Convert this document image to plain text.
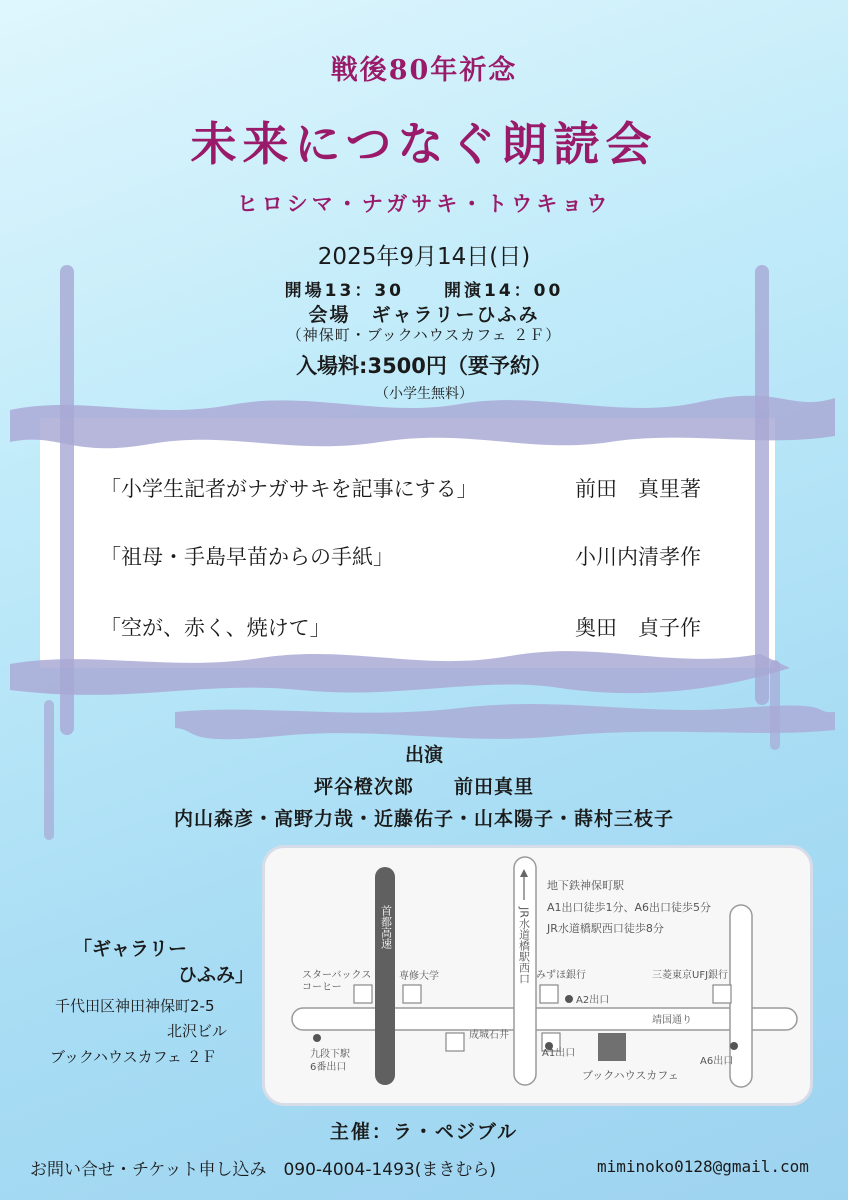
戦後80年祈念
未来につなぐ朗読会
ヒロシマ・ナガサキ・トウキョウ
2025年9月14日(日)
開場13：30　　開演14：00
会場　ギャラリーひふみ
（神保町・ブックハウスカフェ ２Ｆ）
入場料:3500円（要予約）
（小学生無料）
「小学生記者がナガサキを記事にする」	前田　真里著
「祖母・手島早苗からの手紙」	小川内清孝作
「空が、赤く、焼けて」	奥田　貞子作
出演
坪谷橙次郎　　前田真里
内山森彦・高野力哉・近藤佑子・山本陽子・蒔村三枝子
「ギャラリー
ひふみ」
千代田区神田神保町2-5
北沢ビル
ブックハウスカフェ ２Ｆ
首都高速	JR水道橋駅西口
地下鉄神保町駅
A1出口徒歩1分、A6出口徒歩5分
JR水道橋駅西口徒歩8分
スターバックス
コーヒー
専修大学	みずほ銀行	三菱東京UFJ銀行
A2出口
靖国通り
九段下駅
6番出口
成城石井
A1出口
A6出口
ブックハウスカフェ
主催：ラ・ペジブル
お問い合せ・チケット申し込み　090-4004-1493(まきむら)	miminoko0128@gmail.com
